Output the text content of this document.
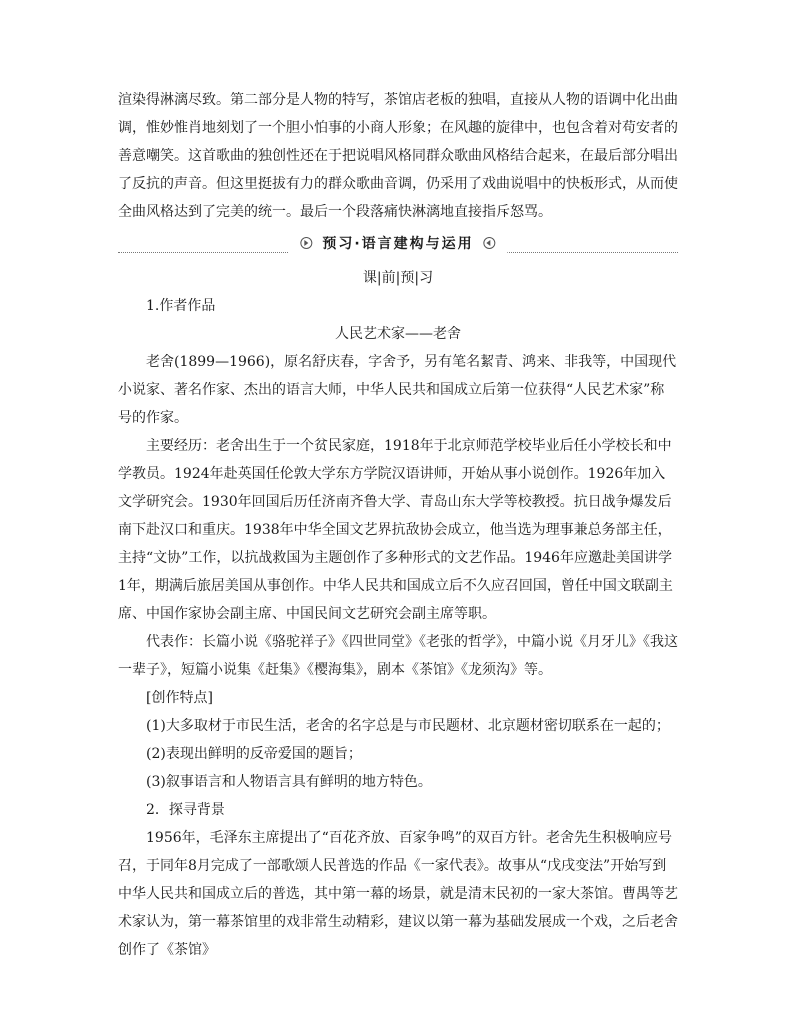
渲染得淋漓尽致。第二部分是人物的特写，茶馆店老板的独唱，直接从人物的语调中化出曲调，惟妙惟肖地刻划了一个胆小怕事的小商人形象；在风趣的旋律中，也包含着对苟安者的善意嘲笑。这首歌曲的独创性还在于把说唱风格同群众歌曲风格结合起来，在最后部分唱出了反抗的声音。但这里挺拔有力的群众歌曲音调，仍采用了戏曲说唱中的快板形式，从而使全曲风格达到了完美的统一。最后一个段落痛快淋漓地直接指斥怒骂。

预习·语言建构与运用

课|前|预|习

1.作者作品

人民艺术家——老舍

老舍(1899—1966)，原名舒庆春，字舍予，另有笔名絜青、鸿来、非我等，中国现代小说家、著名作家、杰出的语言大师，中华人民共和国成立后第一位获得“人民艺术家”称号的作家。

主要经历：老舍出生于一个贫民家庭，1918年于北京师范学校毕业后任小学校长和中学教员。1924年赴英国任伦敦大学东方学院汉语讲师，开始从事小说创作。1926年加入文学研究会。1930年回国后历任济南齐鲁大学、青岛山东大学等校教授。抗日战争爆发后南下赴汉口和重庆。1938年中华全国文艺界抗敌协会成立，他当选为理事兼总务部主任，主持“文协”工作，以抗战救国为主题创作了多种形式的文艺作品。1946年应邀赴美国讲学1年，期满后旅居美国从事创作。中华人民共和国成立后不久应召回国，曾任中国文联副主席、中国作家协会副主席、中国民间文艺研究会副主席等职。

代表作：长篇小说《骆驼祥子》《四世同堂》《老张的哲学》，中篇小说《月牙儿》《我这一辈子》，短篇小说集《赶集》《樱海集》，剧本《茶馆》《龙须沟》等。

[创作特点]

(1)大多取材于市民生活，老舍的名字总是与市民题材、北京题材密切联系在一起的；

(2)表现出鲜明的反帝爱国的题旨；

(3)叙事语言和人物语言具有鲜明的地方特色。

2．探寻背景

1956年，毛泽东主席提出了“百花齐放、百家争鸣”的双百方针。老舍先生积极响应号召，于同年8月完成了一部歌颂人民普选的作品《一家代表》。故事从“戊戌变法”开始写到中华人民共和国成立后的普选，其中第一幕的场景，就是清末民初的一家大茶馆。曹禺等艺术家认为，第一幕茶馆里的戏非常生动精彩，建议以第一幕为基础发展成一个戏，之后老舍创作了《茶馆》
